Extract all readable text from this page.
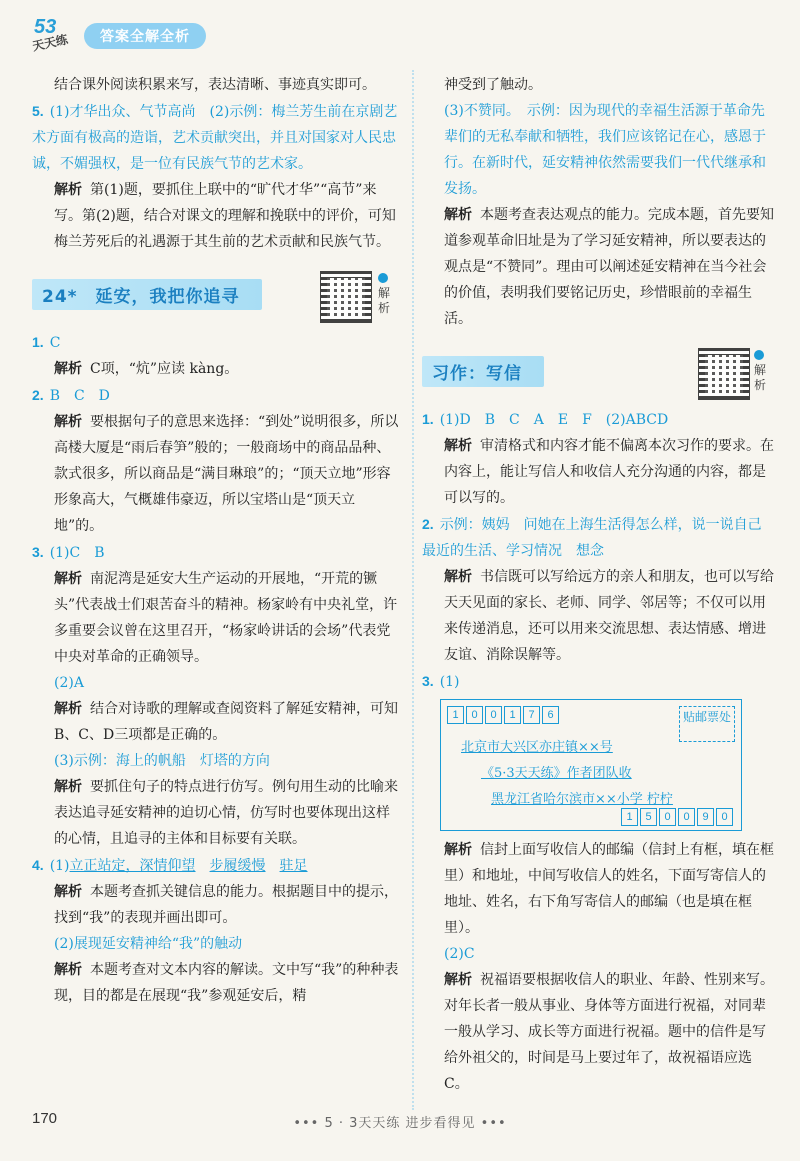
53
天天练	答案全解全析

结合课外阅读积累来写，表达清晰、事迹真实即可。

5. (1)才华出众、气节高尚　 (2)示例：梅兰芳生前在京剧艺术方面有极高的造诣，艺术贡献突出，并且对国家对人民忠诚，不媚强权，是一位有民族气节的艺术家。

解析 第(1)题，要抓住上联中的“旷代才华”“高节”来写。第(2)题，结合对课文的理解和挽联中的评价，可知梅兰芳死后的礼遇源于其生前的艺术贡献和民族气节。

24*　延安，我把你追寻	解析

1. C

解析 C项，“炕”应读 kàng。

2. B　C　D

解析 要根据句子的意思来选择：“到处”说明很多，所以高楼大厦是“雨后春笋”般的；一般商场中的商品品种、款式很多，所以商品是“满目琳琅”的；“顶天立地”形容形象高大，气概雄伟豪迈，所以宝塔山是“顶天立地”的。

3. (1)C　B

解析 南泥湾是延安大生产运动的开展地，“开荒的镢头”代表战士们艰苦奋斗的精神。杨家岭有中央礼堂，许多重要会议曾在这里召开，“杨家岭讲话的会场”代表党中央对革命的正确领导。

(2)A

解析 结合对诗歌的理解或查阅资料了解延安精神，可知B、C、D三项都是正确的。

(3)示例：海上的帆船　灯塔的方向

解析 要抓住句子的特点进行仿写。例句用生动的比喻来表达追寻延安精神的迫切心情，仿写时也要体现出这样的心情，且追寻的主体和目标要有关联。

4. (1)立正站定，深情仰望　 步履缓慢　 驻足

解析 本题考查抓关键信息的能力。根据题目中的提示，找到“我”的表现并画出即可。

(2)展现延安精神给“我”的触动

解析 本题考查对文本内容的解读。文中写“我”的种种表现，目的都是在展现“我”参观延安后，精

神受到了触动。

(3)不赞同。　示例：因为现代的幸福生活源于革命先辈们的无私奉献和牺牲，我们应该铭记在心，感恩于行。在新时代，延安精神依然需要我们一代代继承和发扬。

解析 本题考查表达观点的能力。完成本题，首先要知道参观革命旧址是为了学习延安精神，所以要表达的观点是“不赞同”。理由可以阐述延安精神在当今社会的价值，表明我们要铭记历史，珍惜眼前的幸福生活。

习作：写信	解析

1. (1)D　B　C　A　E　F　(2)ABCD

解析 审清格式和内容才能不偏离本次习作的要求。在内容上，能让写信人和收信人充分沟通的内容，都是可以写的。

2. 示例：姨妈　问她在上海生活得怎么样，说一说自己最近的生活、学习情况　想念

解析 书信既可以写给远方的亲人和朋友，也可以写给天天见面的家长、老师、同学、邻居等；不仅可以用来传递消息，还可以用来交流思想、表达情感、增进友谊、消除误解等。

3. (1)

1	0	0	1	7	6	贴邮票处
北京市大兴区亦庄镇××号
《5·3天天练》作者团队收
黑龙江省哈尔滨市××小学 柠柠
1	5	0	0	9	0

解析 信封上面写收信人的邮编（信封上有框，填在框里）和地址，中间写收信人的姓名，下面写寄信人的地址、姓名，右下角写寄信人的邮编（也是填在框里）。

(2)C

解析 祝福语要根据收信人的职业、年龄、性别来写。对年长者一般从事业、身体等方面进行祝福，对同辈一般从学习、成长等方面进行祝福。题中的信件是写给外祖父的，时间是马上要过年了，故祝福语应选 C。

170	••• 5 · 3天天练 进步看得见 •••
